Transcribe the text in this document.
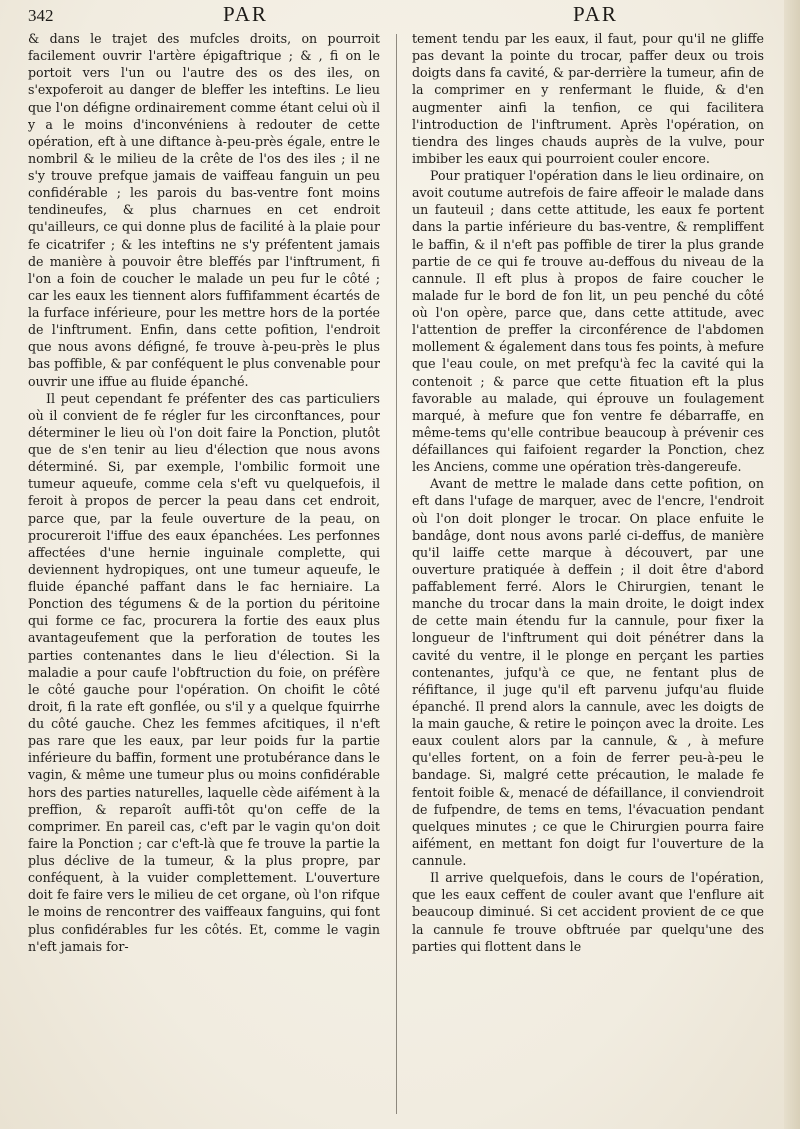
342	PAR	PAR

& dans le trajet des mufcles droits, on pourroit facilement ouvrir l'artère épigaftrique ; & , fi on le portoit vers l'un ou l'autre des os des iles, on s'expoferoit au danger de bleffer les inteftins. Le lieu que l'on défigne ordinairement comme étant celui où il y a le moins d'inconvéniens à redouter de cette opération, eft à une diftance à-peu-près égale, entre le nombril & le milieu de la crête de l'os des iles ; il ne s'y trouve prefque jamais de vaiffeau fanguin un peu confidérable ; les parois du bas-ventre font moins tendineufes, & plus charnues en cet endroit qu'ailleurs, ce qui donne plus de facilité à la plaie pour fe cicatrifer ; & les inteftins ne s'y préfentent jamais de manière à pouvoir être bleffés par l'inftrument, fi l'on a foin de coucher le malade un peu fur le côté ; car les eaux les tiennent alors fuffifamment écartés de la furface inférieure, pour les mettre hors de la portée de l'inftrument. Enfin, dans cette pofition, l'endroit que nous avons défigné, fe trouve à-peu-près le plus bas poffible, & par conféquent le plus convenable pour ouvrir une iffue au fluide épanché.

Il peut cependant fe préfenter des cas particuliers où il convient de fe régler fur les circonftances, pour déterminer le lieu où l'on doit faire la Ponction, plutôt que de s'en tenir au lieu d'élection que nous avons déterminé. Si, par exemple, l'ombilic formoit une tumeur aqueufe, comme cela s'eft vu quelquefois, il feroit à propos de percer la peau dans cet endroit, parce que, par la feule ouverture de la peau, on procureroit l'iffue des eaux épanchées. Les perfonnes affectées d'une hernie inguinale complette, qui deviennent hydropiques, ont une tumeur aqueufe, le fluide épanché paffant dans le fac herniaire. La Ponction des tégumens & de la portion du péritoine qui forme ce fac, procurera la fortie des eaux plus avantageufement que la perforation de toutes les parties contenantes dans le lieu d'élection. Si la maladie a pour caufe l'obftruction du foie, on préfère le côté gauche pour l'opération. On choifit le côté droit, fi la rate eft gonflée, ou s'il y a quelque fquirrhe du côté gauche. Chez les femmes afcitiques, il n'eft pas rare que les eaux, par leur poids fur la partie inférieure du baffin, forment une protubérance dans le vagin, & même une tumeur plus ou moins confidérable hors des parties naturelles, laquelle cède aifément à la preffion, & reparoît auffi-tôt qu'on ceffe de la comprimer. En pareil cas, c'eft par le vagin qu'on doit faire la Ponction ; car c'eft-là que fe trouve la partie la plus déclive de la tumeur, & la plus propre, par conféquent, à la vuider complettement. L'ouverture doit fe faire vers le milieu de cet organe, où l'on rifque le moins de rencontrer des vaiffeaux fanguins, qui font plus confidérables fur les côtés. Et, comme le vagin n'eft jamais for-

tement tendu par les eaux, il faut, pour qu'il ne gliffe pas devant la pointe du trocar, paffer deux ou trois doigts dans fa cavité, & par-derrière la tumeur, afin de la comprimer en y renfermant le fluide, & d'en augmenter ainfi la tenfion, ce qui facilitera l'introduction de l'inftrument. Après l'opération, on tiendra des linges chauds auprès de la vulve, pour imbiber les eaux qui pourroient couler encore.

Pour pratiquer l'opération dans le lieu ordinaire, on avoit coutume autrefois de faire affeoir le malade dans un fauteuil ; dans cette attitude, les eaux fe portent dans la partie inférieure du bas-ventre, & rempliffent le baffin, & il n'eft pas poffible de tirer la plus grande partie de ce qui fe trouve au-deffous du niveau de la cannule. Il eft plus à propos de faire coucher le malade fur le bord de fon lit, un peu penché du côté où l'on opère, parce que, dans cette attitude, avec l'attention de preffer la circonférence de l'abdomen mollement & également dans tous fes points, à mefure que l'eau coule, on met prefqu'à fec la cavité qui la contenoit ; & parce que cette fituation eft la plus favorable au malade, qui éprouve un foulagement marqué, à mefure que fon ventre fe débarraffe, en même-tems qu'elle contribue beaucoup à prévenir ces défaillances qui faifoient regarder la Ponction, chez les Anciens, comme une opération très-dangereufe.

Avant de mettre le malade dans cette pofition, on eft dans l'ufage de marquer, avec de l'encre, l'endroit où l'on doit plonger le trocar. On place enfuite le bandâge, dont nous avons parlé ci-deffus, de manière qu'il laiffe cette marque à découvert, par une ouverture pratiquée à deffein ; il doit être d'abord paffablement ferré. Alors le Chirurgien, tenant le manche du trocar dans la main droite, le doigt index de cette main étendu fur la cannule, pour fixer la longueur de l'inftrument qui doit pénétrer dans la cavité du ventre, il le plonge en perçant les parties contenantes, jufqu'à ce que, ne fentant plus de réfiftance, il juge qu'il eft parvenu jufqu'au fluide épanché. Il prend alors la cannule, avec les doigts de la main gauche, & retire le poinçon avec la droite. Les eaux coulent alors par la cannule, & , à mefure qu'elles fortent, on a foin de ferrer peu-à-peu le bandage. Si, malgré cette précaution, le malade fe fentoit foible &, menacé de défaillance, il conviendroit de fufpendre, de tems en tems, l'évacuation pendant quelques minutes ; ce que le Chirurgien pourra faire aifément, en mettant fon doigt fur l'ouverture de la cannule.

Il arrive quelquefois, dans le cours de l'opération, que les eaux ceffent de couler avant que l'enflure ait beaucoup diminué. Si cet accident provient de ce que la cannule fe trouve obftruée par quelqu'une des parties qui flottent dans le
